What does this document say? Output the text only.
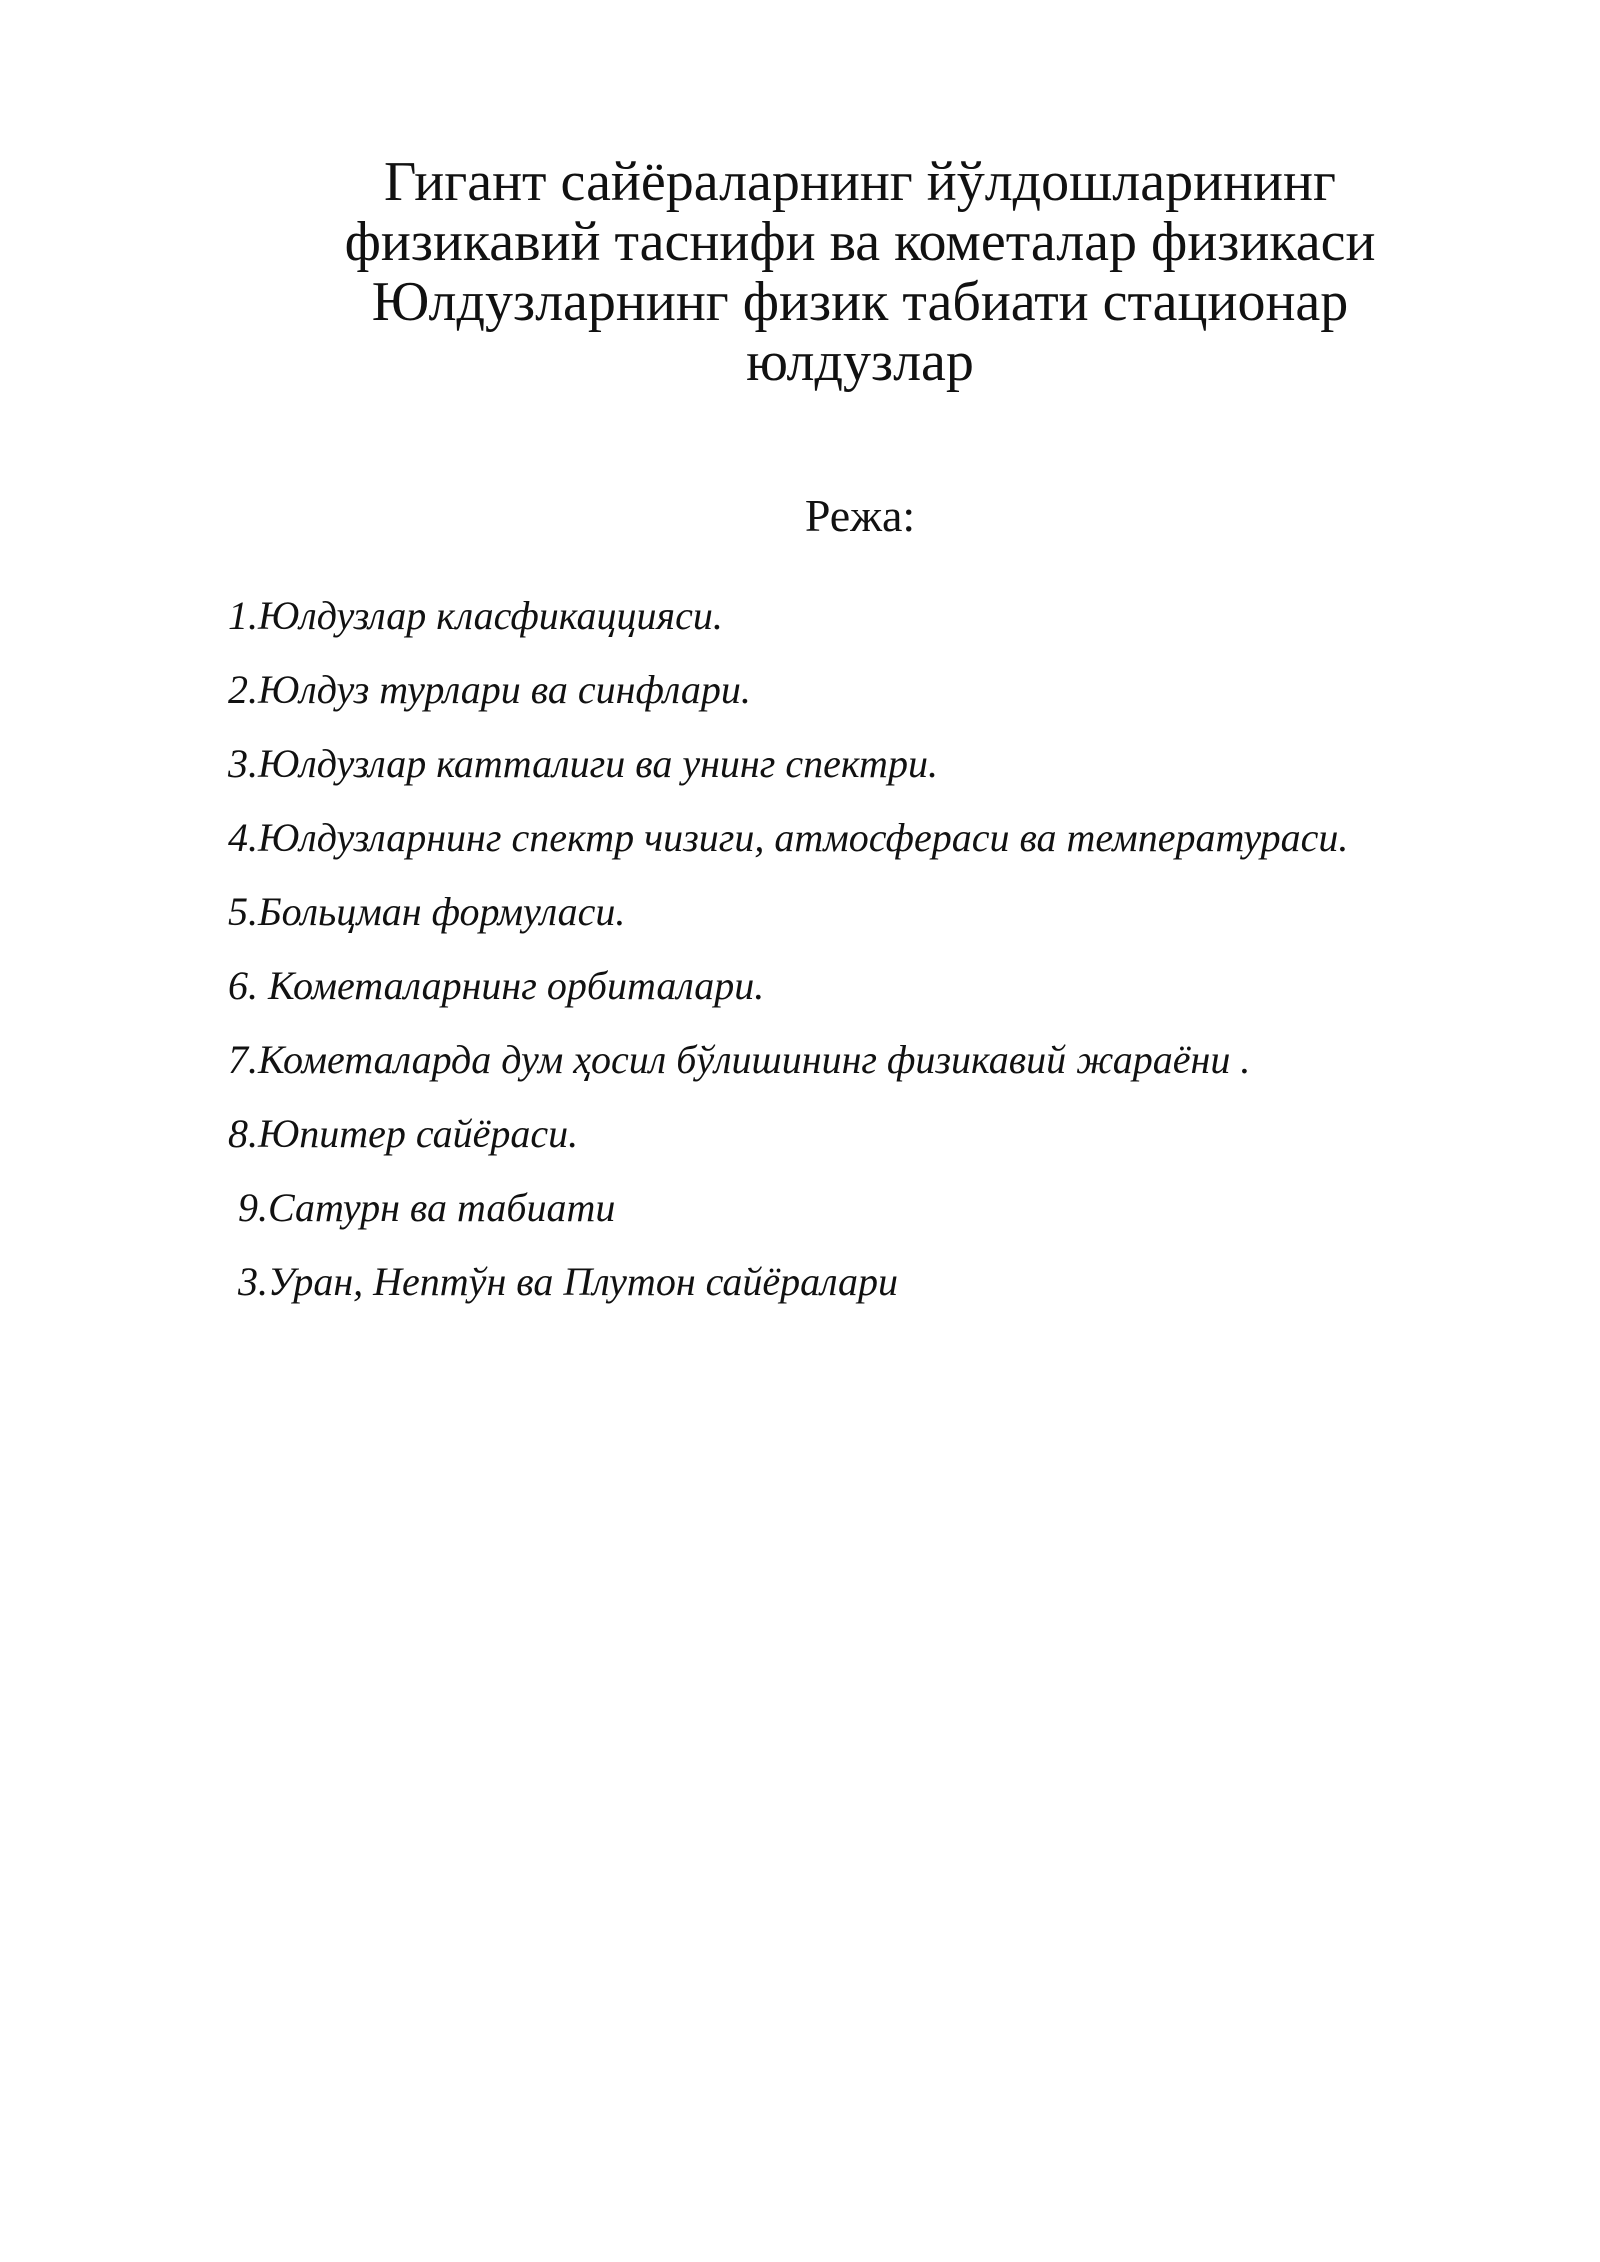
Гигант сайёраларнинг йўлдошларининг
физикавий таснифи ва кометалар физикаси
Юлдузларнинг физик табиати стационар
юлдузлар
Режа:
1.Юлдузлар класфикаццияси.
2.Юлдуз турлари ва синфлари.
3.Юлдузлар катталиги ва унинг спектри.
4.Юлдузларнинг спектр чизиги, атмосфераси ва температураси.
5.Больцман формуласи.
6. Кометаларнинг орбиталари.
7.Кометаларда дум ҳосил бўлишининг физикавий жараёни .
8.Юпитер сайёраси.
9.Сатурн ва табиати
3.Уран, Нептўн ва Плутон сайёралари
